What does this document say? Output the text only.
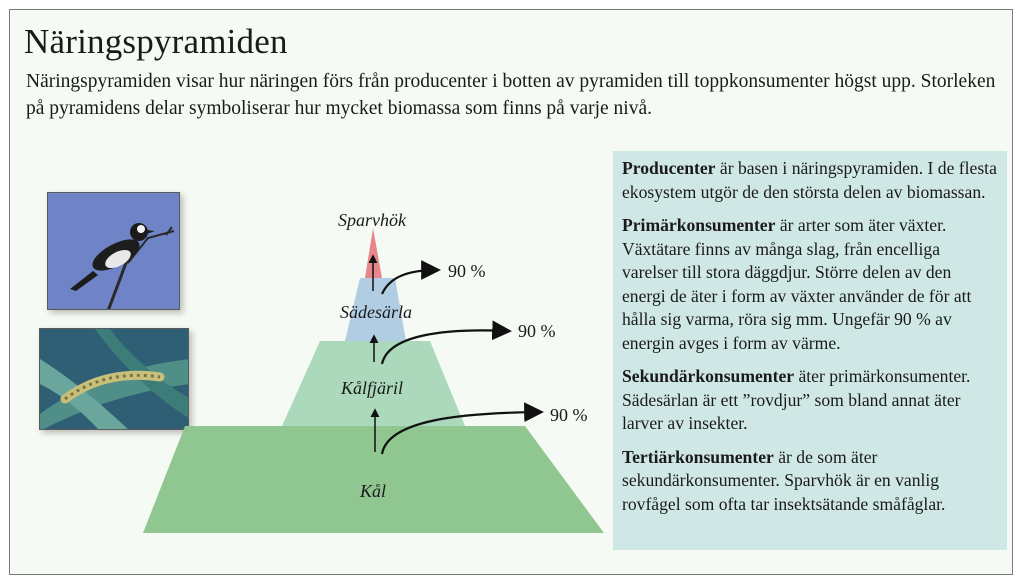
Näringspyramiden

Näringspyramiden visar hur näringen förs från producenter i botten av pyramiden till toppkonsumenter högst upp. Storleken på pyramidens delar symboliserar hur mycket biomassa som finns på varje nivå.

Sparvhök
Sädesärla
Kålfjäril
Kål
90 %
90 %
90 %

Producenter är basen i näringspyramiden. I de flesta ekosystem utgör de den största delen av biomassan.

Primärkonsumenter är arter som äter växter. Växtätare finns av många slag, från encelliga varelser till stora däggdjur. Större delen av den energi de äter i form av växter använder de för att hålla sig varma, röra sig mm. Ungefär 90 % av energin avges i form av värme.

Sekundärkonsumenter äter primärkonsumenter. Sädesärlan är ett ”rovdjur” som bland annat äter larver av insekter.

Tertiärkonsumenter är de som äter sekundärkonsumenter. Sparvhök är en vanlig rovfågel som ofta tar insektsätande småfåglar.
